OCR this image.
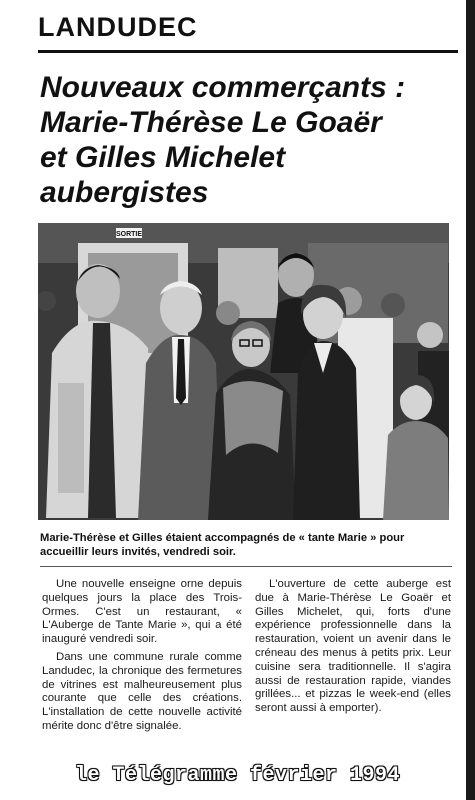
LANDUDEC
Nouveaux commerçants :
Marie-Thérèse Le Goaër
et Gilles Michelet
aubergistes
SORTIE
Marie-Thérèse et Gilles étaient accompagnés de « tante Marie » pour accueillir leurs invités, vendredi soir.

Une nouvelle enseigne orne depuis quelques jours la place des Trois-Ormes. C'est un restaurant, « L'Auberge de Tante Marie », qui a été inauguré vendredi soir.

Dans une commune rurale comme Landudec, la chronique des fermetures de vitrines est malheureusement plus courante que celle des créations. L'installation de cette nouvelle activité mérite donc d'être signalée.

L'ouverture de cette auberge est due à Marie-Thérèse Le Goaër et Gilles Michelet, qui, forts d'une expérience professionnelle dans la restauration, voient un avenir dans le créneau des menus à petits prix. Leur cuisine sera traditionnelle. Il s'agira aussi de restauration rapide, viandes grillées... et pizzas le week-end (elles seront aussi à emporter).

le Télégramme février 1994
